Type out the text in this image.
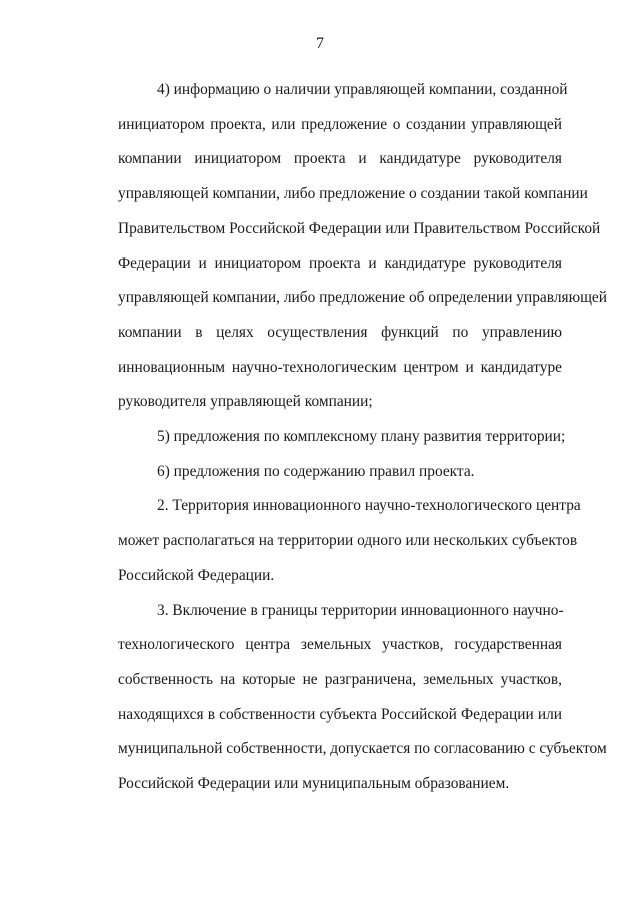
7
4) информацию о наличии управляющей компании, созданной
инициатором проекта, или предложение о создании управляющей
компании инициатором проекта и кандидатуре руководителя
управляющей компании, либо предложение о создании такой компании
Правительством Российской Федерации или Правительством Российской
Федерации и инициатором проекта и кандидатуре руководителя
управляющей компании, либо предложение об определении управляющей
компании в целях осуществления функций по управлению
инновационным научно-технологическим центром и кандидатуре
руководителя управляющей компании;
5) предложения по комплексному плану развития территории;
6) предложения по содержанию правил проекта.
2. Территория инновационного научно-технологического центра
может располагаться на территории одного или нескольких субъектов
Российской Федерации.
3. Включение в границы территории инновационного научно-
технологического центра земельных участков, государственная
собственность на которые не разграничена, земельных участков,
находящихся в собственности субъекта Российской Федерации или
муниципальной собственности, допускается по согласованию с субъектом
Российской Федерации или муниципальным образованием.
